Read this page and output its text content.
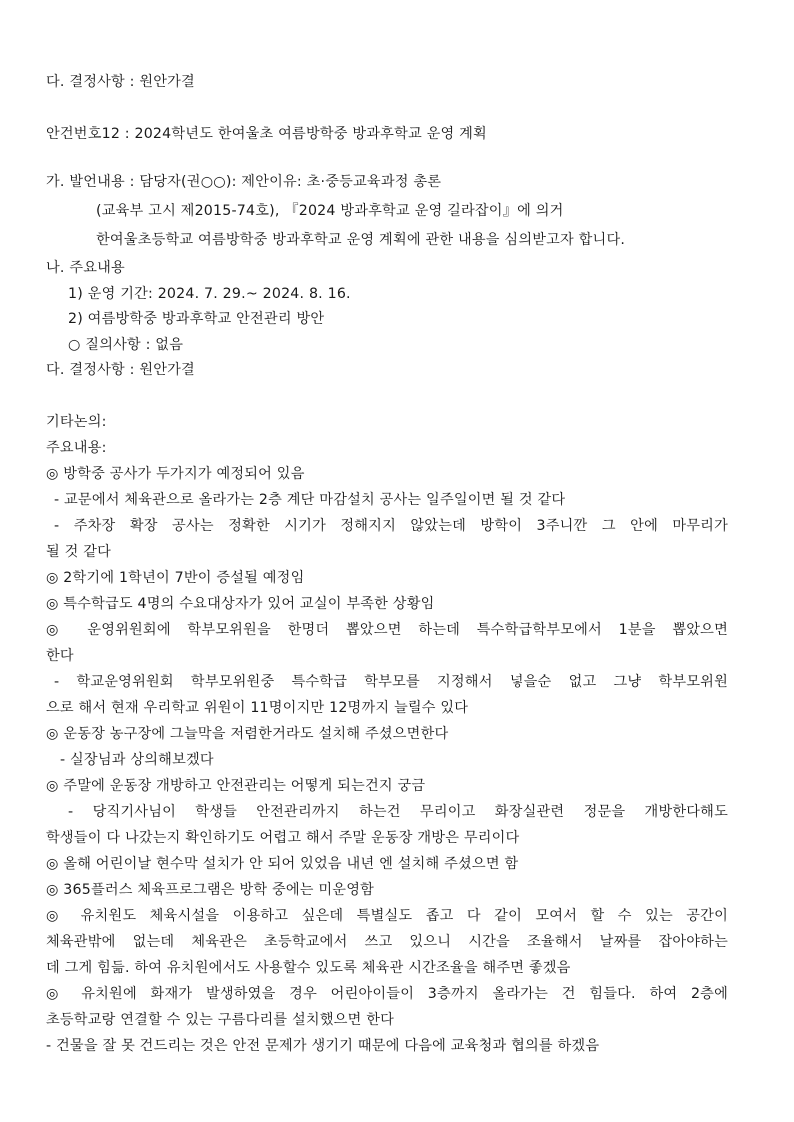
다. 결정사항 : 원안가결
안건번호12 : 2024학년도 한여울초 여름방학중 방과후학교 운영 계획
가. 발언내용 : 담당자(권○○): 제안이유: 초·중등교육과정 총론
(교육부 고시 제2015-74호), 『2024 방과후학교 운영 길라잡이』에 의거
한여울초등학교 여름방학중 방과후학교 운영 계획에 관한 내용을 심의받고자 합니다.
나. 주요내용
1) 운영 기간: 2024. 7. 29.~ 2024. 8. 16.
2) 여름방학중 방과후학교 안전관리 방안
○ 질의사항 : 없음
다. 결정사항 : 원안가결
기타논의:
주요내용:
◎ 방학중 공사가 두가지가 예정되어 있음
- 교문에서 체육관으로 올라가는 2층 계단 마감설치 공사는 일주일이면 될 것 같다
- 주차장 확장 공사는 정확한 시기가 정해지지 않았는데 방학이 3주니깐 그 안에 마무리가
될 것 같다
◎ 2학기에 1학년이 7반이 증설될 예정임
◎ 특수학급도 4명의 수요대상자가 있어 교실이 부족한 상황임
◎ 운영위원회에 학부모위원을 한명더 뽑았으면 하는데 특수학급학부모에서 1분을 뽑았으면
한다
- 학교운영위원회 학부모위원중 특수학급 학부모를 지정해서 넣을순 없고 그냥 학부모위원
으로 해서 현재 우리학교 위원이 11명이지만 12명까지 늘릴수 있다
◎ 운동장 농구장에 그늘막을 저렴한거라도 설치해 주셨으면한다
- 실장님과 상의해보겠다
◎ 주말에 운동장 개방하고 안전관리는 어떻게 되는건지 궁금
- 당직기사님이 학생들 안전관리까지 하는건 무리이고 화장실관련 정문을 개방한다해도
학생들이 다 나갔는지 확인하기도 어렵고 해서 주말 운동장 개방은 무리이다
◎ 올해 어린이날 현수막 설치가 안 되어 있었음 내년 엔 설치해 주셨으면 함
◎ 365플러스 체육프로그램은 방학 중에는 미운영함
◎ 유치원도 체육시설을 이용하고 싶은데 특별실도 좁고 다 같이 모여서 할 수 있는 공간이
체육관밖에 없는데 체육관은 초등학교에서 쓰고 있으니 시간을 조율해서 날짜를 잡아야하는
데 그게 힘듦. 하여 유치원에서도 사용할수 있도록 체육관 시간조율을 해주면 좋겠음
◎ 유치원에 화재가 발생하였을 경우 어린아이들이 3층까지 올라가는 건 힘들다. 하여 2층에
초등학교랑 연결할 수 있는 구름다리를 설치했으면 한다
- 건물을 잘 못 건드리는 것은 안전 문제가 생기기 때문에 다음에 교육청과 협의를 하겠음
